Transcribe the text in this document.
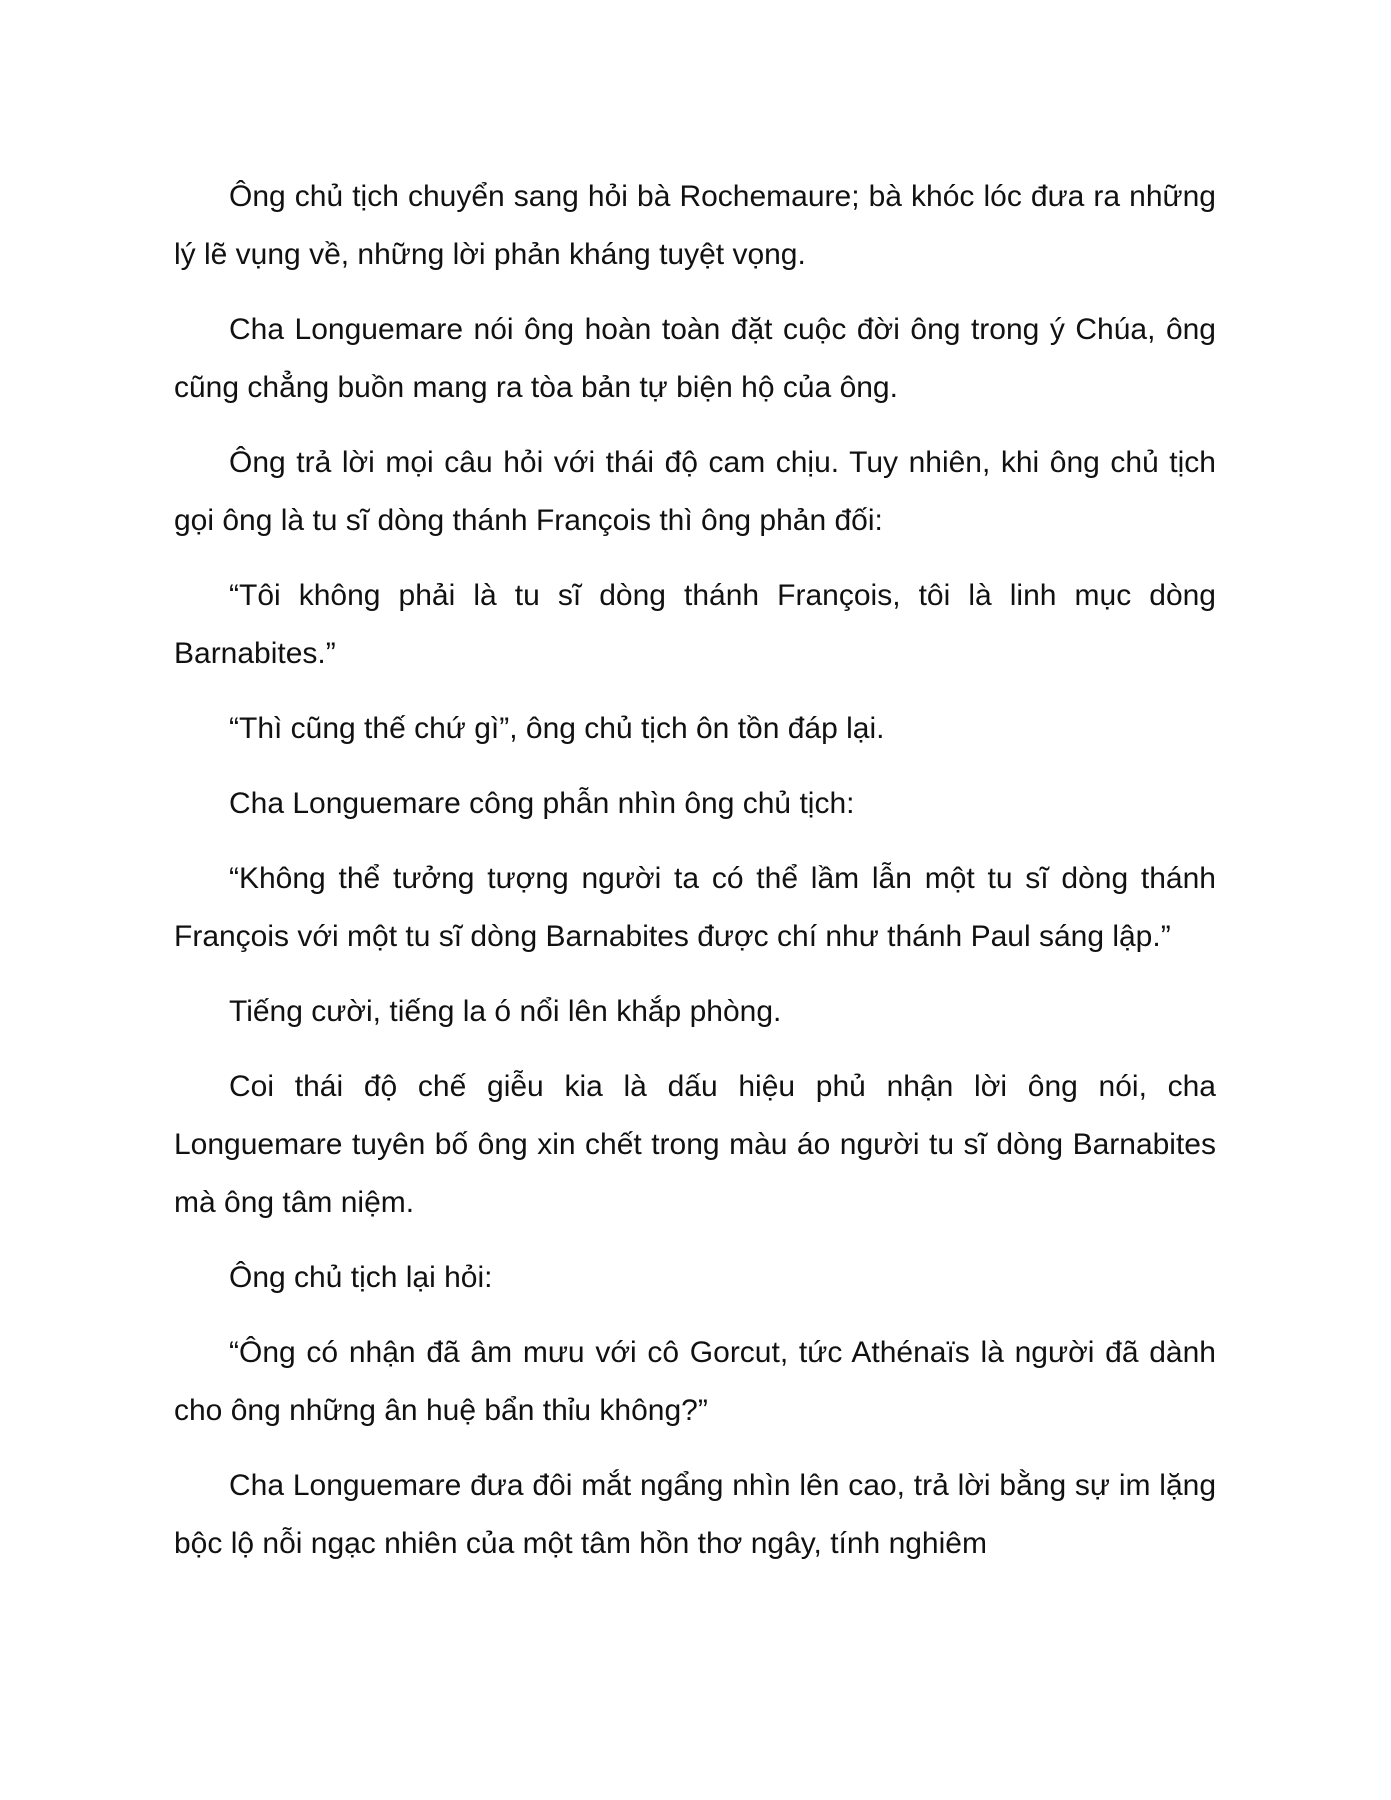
Ông chủ tịch chuyển sang hỏi bà Rochemaure; bà khóc lóc đưa ra những lý lẽ vụng về, những lời phản kháng tuyệt vọng.

Cha Longuemare nói ông hoàn toàn đặt cuộc đời ông trong ý Chúa, ông cũng chẳng buồn mang ra tòa bản tự biện hộ của ông.

Ông trả lời mọi câu hỏi với thái độ cam chịu. Tuy nhiên, khi ông chủ tịch gọi ông là tu sĩ dòng thánh François thì ông phản đối:

“Tôi không phải là tu sĩ dòng thánh François, tôi là linh mục dòng Barnabites.”

“Thì cũng thế chứ gì”, ông chủ tịch ôn tồn đáp lại.

Cha Longuemare công phẫn nhìn ông chủ tịch:

“Không thể tưởng tượng người ta có thể lầm lẫn một tu sĩ dòng thánh François với một tu sĩ dòng Barnabites được chí như thánh Paul sáng lập.”

Tiếng cười, tiếng la ó nổi lên khắp phòng.

Coi thái độ chế giễu kia là dấu hiệu phủ nhận lời ông nói, cha Longuemare tuyên bố ông xin chết trong màu áo người tu sĩ dòng Barnabites mà ông tâm niệm.

Ông chủ tịch lại hỏi:

“Ông có nhận đã âm mưu với cô Gorcut, tức Athénaïs là người đã dành cho ông những ân huệ bẩn thỉu không?”

Cha Longuemare đưa đôi mắt ngẩng nhìn lên cao, trả lời bằng sự im lặng bộc lộ nỗi ngạc nhiên của một tâm hồn thơ ngây, tính nghiêm
